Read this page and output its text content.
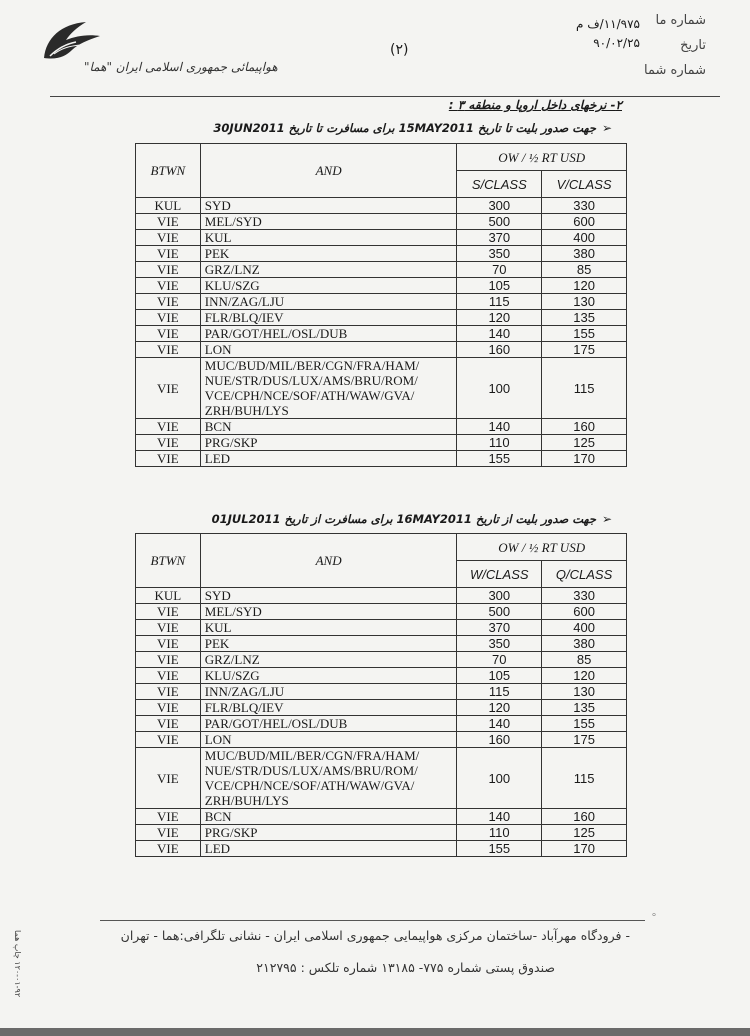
هواپیمائی جمهوری اسلامی ایران "هما"
(۲)
شماره ما
تاریخ
شماره شما
۱۱/۹۷۵/ف م
۹۰/۰۲/۲۵
۲- نرخهای داخل اروپا و منطقه ۳ :
➢جهت صدور بلیت تا تاریخ 15MAY2011 برای مسافرت تا تاریخ 30JUN2011
BTWN	AND	OW / ½ RT USD	
		S/CLASS	V/CLASS
KUL	SYD	300	330
VIE	MEL/SYD	500	600
VIE	KUL	370	400
VIE	PEK	350	380
VIE	GRZ/LNZ	70	85
VIE	KLU/SZG	105	120
VIE	INN/ZAG/LJU	115	130
VIE	FLR/BLQ/IEV	120	135
VIE	PAR/GOT/HEL/OSL/DUB	140	155
VIE	LON	160	175
VIE	MUC/BUD/MIL/BER/CGN/FRA/HAM/ NUE/STR/DUS/LUX/AMS/BRU/ROM/ VCE/CPH/NCE/SOF/ATH/WAW/GVA/ ZRH/BUH/LYS	100	115
VIE	BCN	140	160
VIE	PRG/SKP	110	125
VIE	LED	155	170
➢جهت صدور بلیت از تاریخ 16MAY2011 برای مسافرت از تاریخ 01JUL2011
BTWN	AND	OW / ½ RT USD	
		W/CLASS	Q/CLASS
KUL	SYD	300	330
VIE	MEL/SYD	500	600
VIE	KUL	370	400
VIE	PEK	350	380
VIE	GRZ/LNZ	70	85
VIE	KLU/SZG	105	120
VIE	INN/ZAG/LJU	115	130
VIE	FLR/BLQ/IEV	120	135
VIE	PAR/GOT/HEL/OSL/DUB	140	155
VIE	LON	160	175
VIE	MUC/BUD/MIL/BER/CGN/FRA/HAM/ NUE/STR/DUS/LUX/AMS/BRU/ROM/ VCE/CPH/NCE/SOF/ATH/WAW/GVA/ ZRH/BUH/LYS	100	115
VIE	BCN	140	160
VIE	PRG/SKP	110	125
VIE	LED	155	170
°
- فرودگاه مهرآباد -ساختمان مرکزی هواپیمایی جمهوری اسلامی ایران - نشانی تلگرافی:هما - تهران
صندوق پستی شماره ۷۷۵- ۱۳۱۸۵ شماره تلکس : ۲۱۲۷۹۵
۱۲۰-۰۱-۹۲ چاپ هما
